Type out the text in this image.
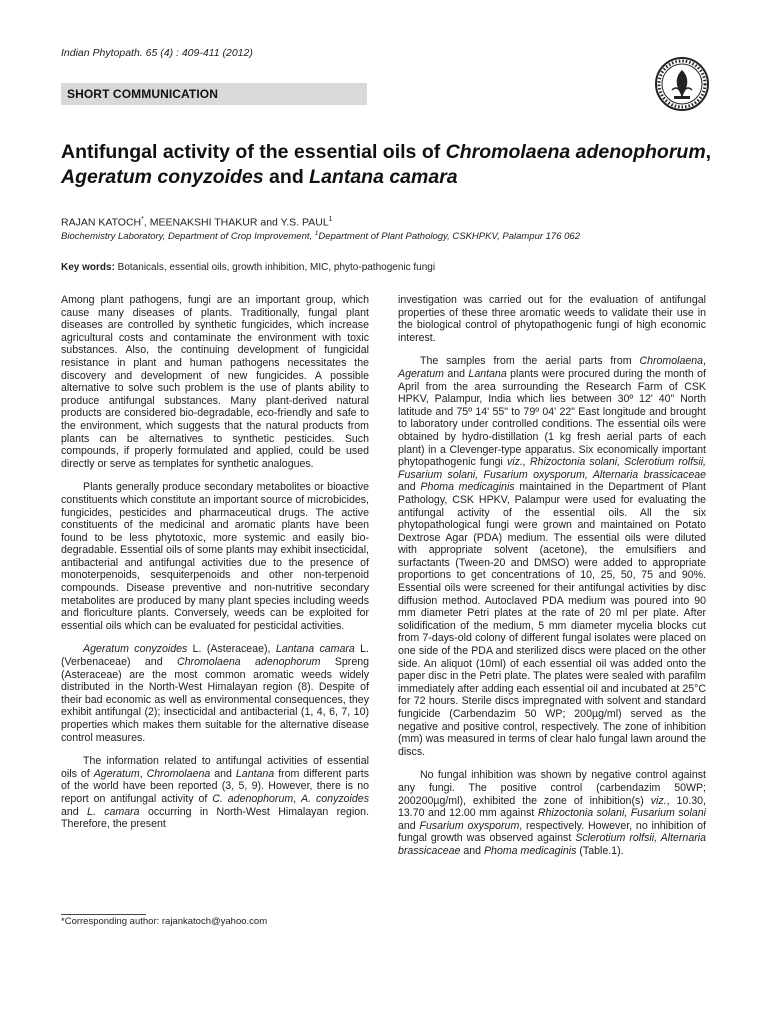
Indian Phytopath. 65 (4) : 409-411 (2012)
SHORT COMMUNICATION
Antifungal activity of the essential oils of Chromolaena adenophorum, Ageratum conyzoides and Lantana camara
RAJAN KATOCH*, MEENAKSHI THAKUR and Y.S. PAUL$^1$
Biochemistry Laboratory, Department of Crop Improvement, $^1$Department of Plant Pathology, CSKHPKV, Palampur 176 062
Key words: Botanicals, essential oils, growth inhibition, MIC, phyto-pathogenic fungi

Among plant pathogens, fungi are an important group, which cause many diseases of plants. Traditionally, fungal plant diseases are controlled by synthetic fungicides, which increase agricultural costs and contaminate the environment with toxic substances. Also, the continuing development of fungicidal resistance in plant and human pathogens necessitates the discovery and development of new fungicides. A possible alternative to solve such problem is the use of plants ability to produce antifungal substances. Many plant-derived natural products are considered bio-degradable, eco-friendly and safe to the environment, which suggests that the natural products from plants can be alternatives to synthetic pesticides. Such compounds, if properly formulated and applied, could be used directly or serve as templates for synthetic analogues.

Plants generally produce secondary metabolites or bioactive constituents which constitute an important source of microbicides, fungicides, pesticides and pharmaceutical drugs. The active constituents of the medicinal and aromatic plants have been found to be less phytotoxic, more systemic and easily bio-degradable. Essential oils of some plants may exhibit insecticidal, antibacterial and antifungal activities due to the presence of monoterpenoids, sesquiterpenoids and other non-terpenoid compounds. Disease preventive and non-nutritive secondary metabolites are produced by many plant species including weeds and floriculture plants. Conversely, weeds can be exploited for essential oils which can be evaluated for pesticidal activities.

Ageratum conyzoides L. (Asteraceae), Lantana camara L. (Verbenaceae) and Chromolaena adenophorum Spreng (Asteraceae) are the most common aromatic weeds widely distributed in the North-West Himalayan region (8). Despite of their bad economic as well as environmental consequences, they exhibit antifungal (2); insecticidal and antibacterial (1, 4, 6, 7, 10) properties which makes them suitable for the alternative disease control measures.

The information related to antifungal activities of essential oils of Ageratum, Chromolaena and Lantana from different parts of the world have been reported (3, 5, 9). However, there is no report on antifungal activity of C. adenophorum, A. conyzoides and L. camara occurring in North-West Himalayan region. Therefore, the present

investigation was carried out for the evaluation of antifungal properties of these three aromatic weeds to validate their use in the biological control of phytopathogenic fungi of high economic interest.

The samples from the aerial parts from Chromolaena, Ageratum and Lantana plants were procured during the month of April from the area surrounding the Research Farm of CSK HPKV, Palampur, India which lies between 30º 12' 40" North latitude and 75º 14' 55" to 79º 04' 22" East longitude and brought to laboratory under controlled conditions. The essential oils were obtained by hydro-distillation (1 kg fresh aerial parts of each plant) in a Clevenger-type apparatus. Six economically important phytopathogenic fungi viz., Rhizoctonia solani, Sclerotium rolfsii, Fusarium solani, Fusarium oxysporum, Alternaria brassicaceae and Phoma medicaginis maintained in the Department of Plant Pathology, CSK HPKV, Palampur were used for evaluating the antifungal activity of the essential oils. All the six phytopathological fungi were grown and maintained on Potato Dextrose Agar (PDA) medium. The essential oils were diluted with appropriate solvent (acetone), the emulsifiers and surfactants (Tween-20 and DMSO) were added to appropriate proportions to get concentrations of 10, 25, 50, 75 and 90%. Essential oils were screened for their antifungal activities by disc diffusion method. Autoclaved PDA medium was poured into 90 mm diameter Petri plates at the rate of 20 ml per plate. After solidification of the medium, 5 mm diameter mycelia blocks cut from 7-days-old colony of different fungal isolates were placed on one side of the PDA and sterilized discs were placed on the other side. An aliquot (10ml) of each essential oil was added onto the paper disc in the Petri plate. The plates were sealed with parafilm immediately after adding each essential oil and incubated at 25°C for 72 hours. Sterile discs impregnated with solvent and standard fungicide (Carbendazim 50 WP; 200µg/ml) served as the negative and positive control, respectively. The zone of inhibition (mm) was measured in terms of clear halo fungal lawn around the discs.

No fungal inhibition was shown by negative control against any fungi. The positive control (carbendazim 50WP; 200200µg/ml), exhibited the zone of inhibition(s) viz., 10.30, 13.70 and 12.00 mm against Rhizoctonia solani, Fusarium solani and Fusarium oxysporum, respectively. However, no inhibition of fungal growth was observed against Sclerotium rolfsii, Alternaria brassicaceae and Phoma medicaginis (Table.1).

*Corresponding author: rajankatoch@yahoo.com
